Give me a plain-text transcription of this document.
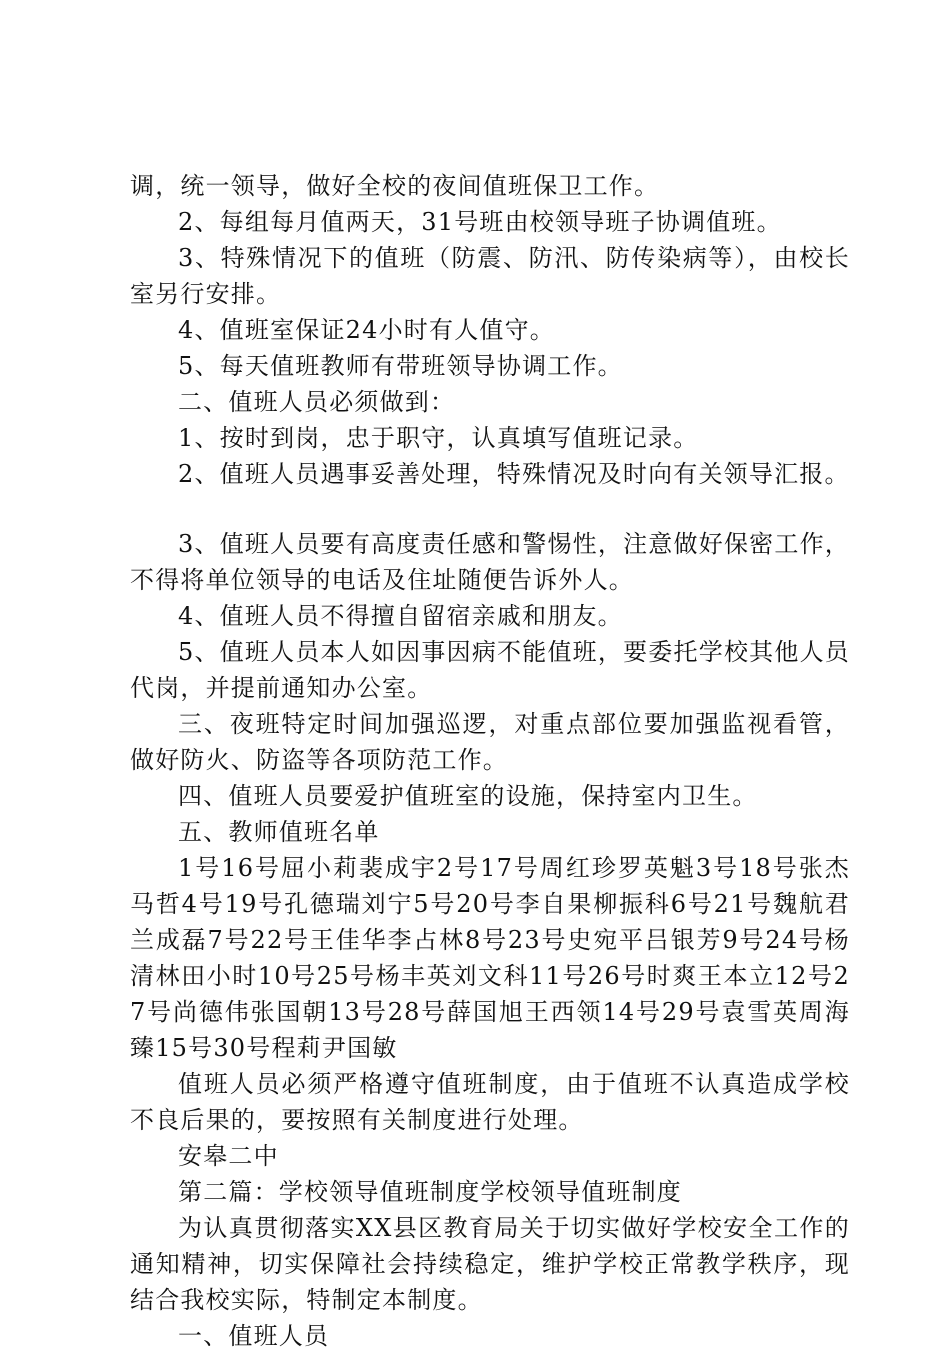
调，统一领导，做好全校的夜间值班保卫工作。

2、每组每月值两天，31号班由校领导班子协调值班。

3、特殊情况下的值班（防震、防汛、防传染病等），由校长室另行安排。

4、值班室保证24小时有人值守。

5、每天值班教师有带班领导协调工作。

二、值班人员必须做到：

1、按时到岗，忠于职守，认真填写值班记录。

2、值班人员遇事妥善处理，特殊情况及时向有关领导汇报。

3、值班人员要有高度责任感和警惕性，注意做好保密工作，不得将单位领导的电话及住址随便告诉外人。

4、值班人员不得擅自留宿亲戚和朋友。

5、值班人员本人如因事因病不能值班，要委托学校其他人员代岗，并提前通知办公室。

三、夜班特定时间加强巡逻，对重点部位要加强监视看管，做好防火、防盗等各项防范工作。

四、值班人员要爱护值班室的设施，保持室内卫生。

五、教师值班名单

1号16号屈小莉裴成宇2号17号周红珍罗英魁3号18号张杰马哲4号19号孔德瑞刘宁5号20号李自果柳振科6号21号魏航君兰成磊7号22号王佳华李占林8号23号史宛平吕银芳9号24号杨清林田小时10号25号杨丰英刘文科11号26号时爽王本立12号27号尚德伟张国朝13号28号薛国旭王西领14号29号袁雪英周海臻15号30号程莉尹国敏

值班人员必须严格遵守值班制度，由于值班不认真造成学校不良后果的，要按照有关制度进行处理。

安皋二中

第二篇：学校领导值班制度学校领导值班制度

为认真贯彻落实XX县区教育局关于切实做好学校安全工作的通知精神，切实保障社会持续稳定，维护学校正常教学秩序，现结合我校实际，特制定本制度。

一、值班人员
